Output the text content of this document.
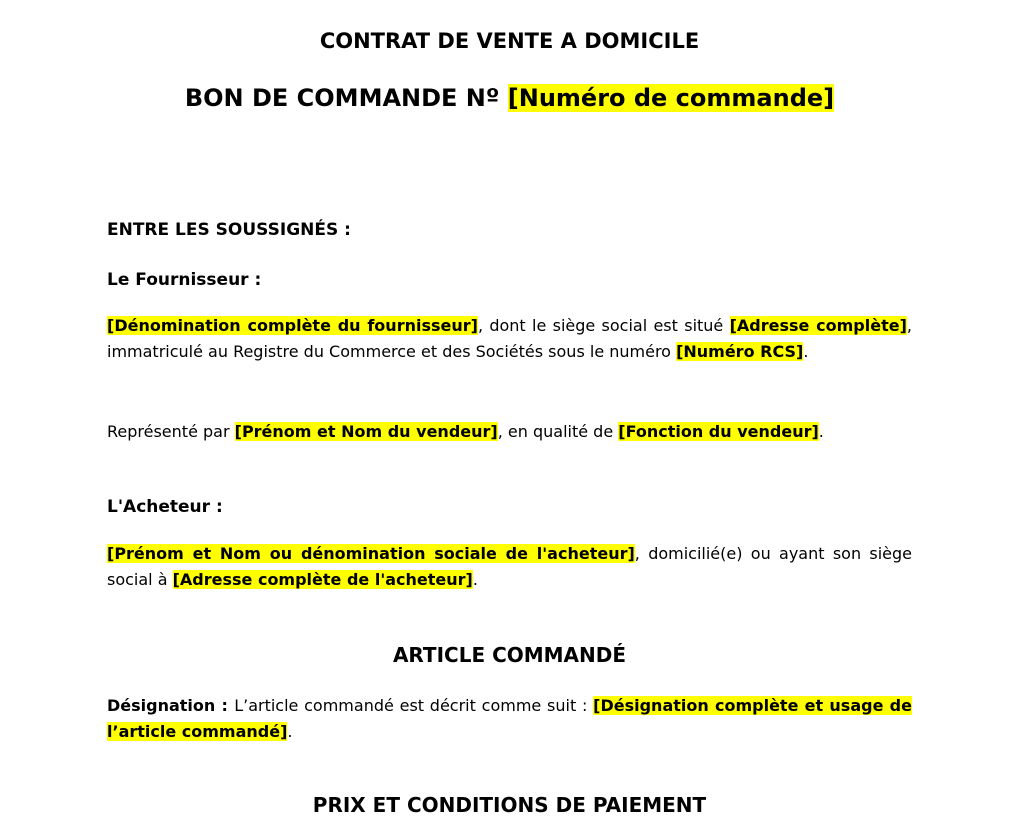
CONTRAT DE VENTE A DOMICILE
BON DE COMMANDE Nº [Numéro de commande]
ENTRE LES SOUSSIGNÉS :
Le Fournisseur :
[Dénomination complète du fournisseur], dont le siège social est situé [Adresse complète], immatriculé au Registre du Commerce et des Sociétés sous le numéro [Numéro RCS].
Représenté par [Prénom et Nom du vendeur], en qualité de [Fonction du vendeur].
L'Acheteur :
[Prénom et Nom ou dénomination sociale de l'acheteur], domicilié(e) ou ayant son siège social à [Adresse complète de l'acheteur].
ARTICLE COMMANDÉ
Désignation : L’article commandé est décrit comme suit : [Désignation complète et usage de l’article commandé].
PRIX ET CONDITIONS DE PAIEMENT
